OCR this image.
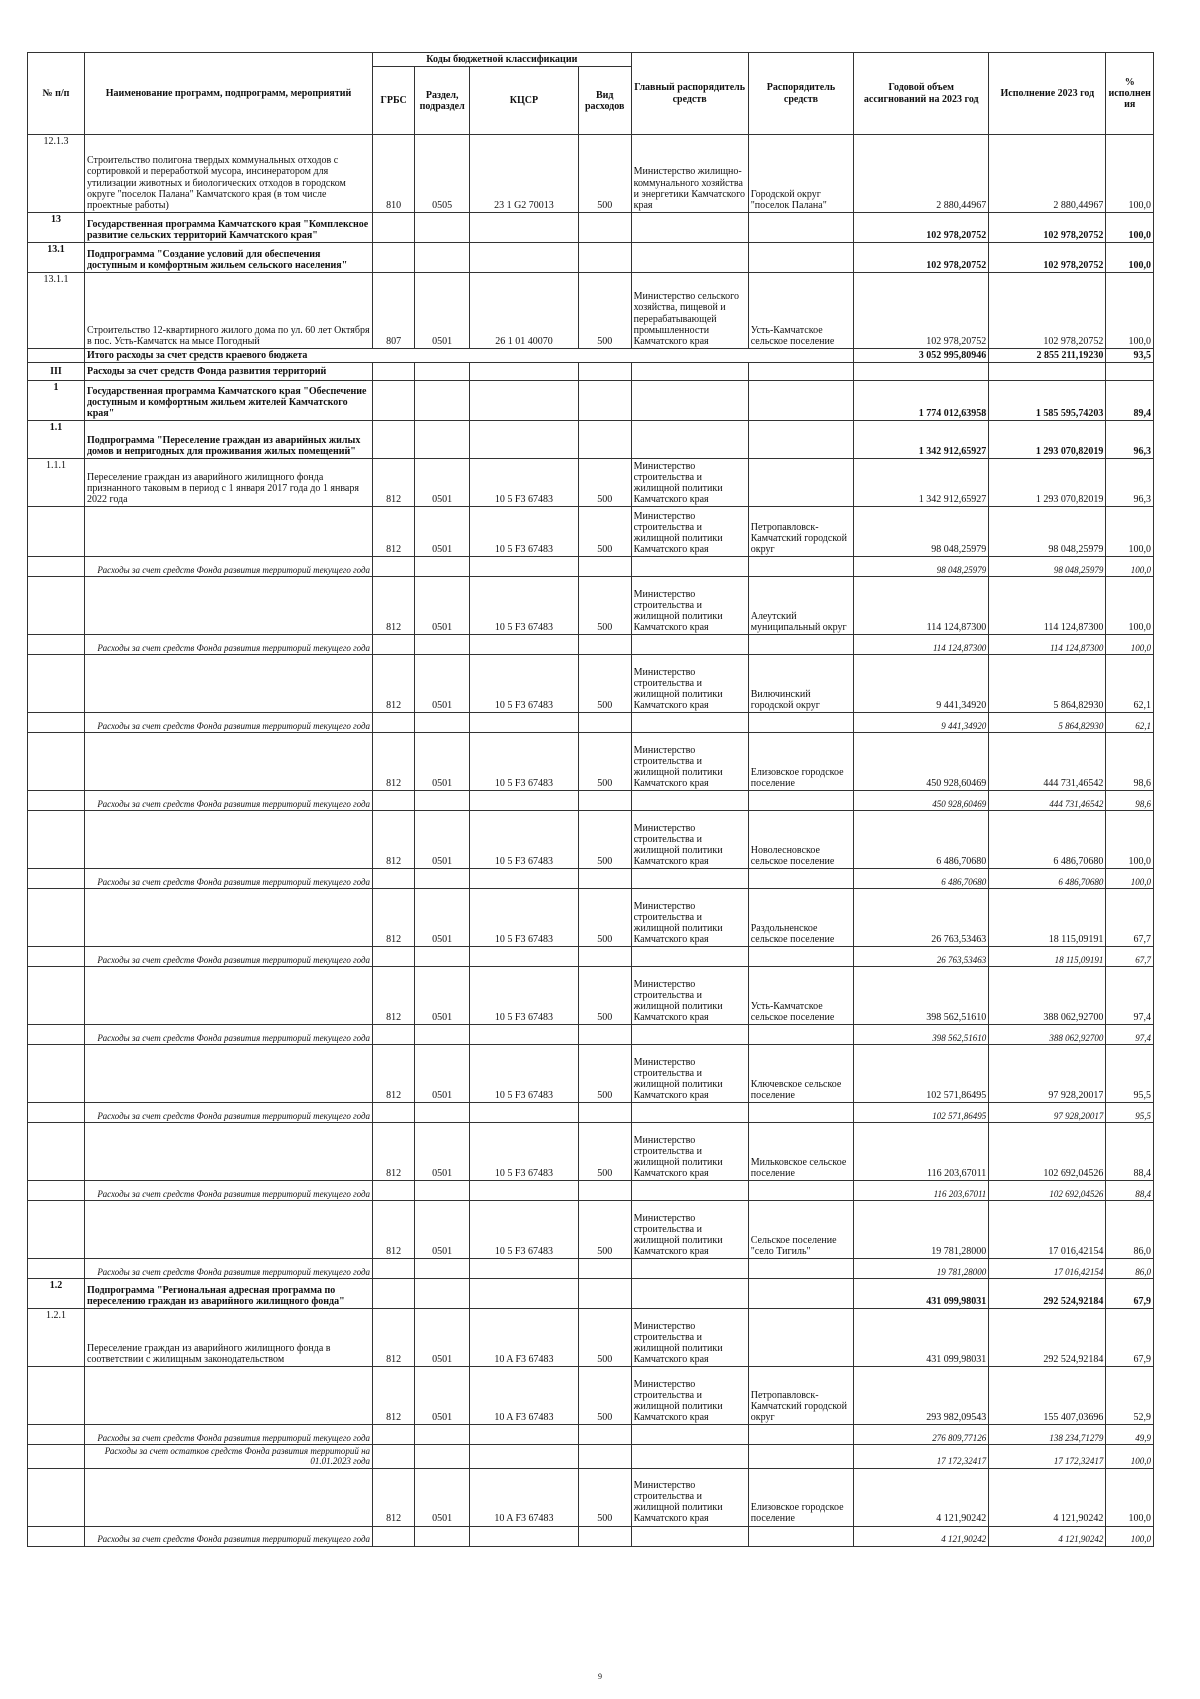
№ п/п	Наименование программ, подпрограмм, мероприятий	Коды бюджетной классификации				Главный распорядитель средств	Распорядитель средств	Годовой объем ассигнований на 2023 год	Исполнение 2023 год	% исполнения
		ГРБС	Раздел, подраздел	КЦСР	Вид расходов					
12.1.3	Строительство полигона твердых коммунальных отходов с сортировкой и переработкой мусора, инсинератором для утилизации животных и биологических отходов в городском округе "поселок Палана" Камчатского края (в том числе проектные работы)	810	0505	23 1 G2 70013	500	Министерство жилищно-коммунального хозяйства и энергетики Камчатского края	Городской округ "поселок Палана"	2 880,44967	2 880,44967	100,0
13	Государственная программа Камчатского края "Комплексное развитие сельских территорий Камчатского края"							102 978,20752	102 978,20752	100,0
13.1	Подпрограмма "Создание условий для обеспечения доступным и комфортным жильем сельского населения"							102 978,20752	102 978,20752	100,0
13.1.1	Строительство 12-квартирного жилого дома по ул. 60 лет Октября в пос. Усть-Камчатск на мысе Погодный	807	0501	26 1 01 40070	500	Министерство сельского хозяйства, пищевой и перерабатывающей промышленности Камчатского края	Усть-Камчатское сельское поселение	102 978,20752	102 978,20752	100,0
	Итого расходы за счет средств краевого бюджета							3 052 995,80946	2 855 211,19230	93,5
III	Расходы за счет средств Фонда развития территорий									
1	Государственная программа Камчатского края "Обеспечение доступным и комфортным жильем жителей Камчатского края"							1 774 012,63958	1 585 595,74203	89,4
1.1	Подпрограмма "Переселение граждан из аварийных жилых домов и непригодных для проживания жилых помещений"							1 342 912,65927	1 293 070,82019	96,3
1.1.1	Переселение граждан из аварийного жилищного фонда признанного таковым в период с 1 января 2017 года до 1 января 2022 года	812	0501	10 5 F3 67483	500	Министерство строительства и жилищной политики Камчатского края		1 342 912,65927	1 293 070,82019	96,3
		812	0501	10 5 F3 67483	500	Министерство строительства и жилищной политики Камчатского края	Петропавловск-Камчатский городской округ	98 048,25979	98 048,25979	100,0
	Расходы за счет средств Фонда развития территорий текущего года							98 048,25979	98 048,25979	100,0
		812	0501	10 5 F3 67483	500	Министерство строительства и жилищной политики Камчатского края	Алеутский муниципальный округ	114 124,87300	114 124,87300	100,0
	Расходы за счет средств Фонда развития территорий текущего года							114 124,87300	114 124,87300	100,0
		812	0501	10 5 F3 67483	500	Министерство строительства и жилищной политики Камчатского края	Вилючинский городской округ	9 441,34920	5 864,82930	62,1
	Расходы за счет средств Фонда развития территорий текущего года							9 441,34920	5 864,82930	62,1
		812	0501	10 5 F3 67483	500	Министерство строительства и жилищной политики Камчатского края	Елизовское городское поселение	450 928,60469	444 731,46542	98,6
	Расходы за счет средств Фонда развития территорий текущего года							450 928,60469	444 731,46542	98,6
		812	0501	10 5 F3 67483	500	Министерство строительства и жилищной политики Камчатского края	Новолесновское сельское поселение	6 486,70680	6 486,70680	100,0
	Расходы за счет средств Фонда развития территорий текущего года							6 486,70680	6 486,70680	100,0
		812	0501	10 5 F3 67483	500	Министерство строительства и жилищной политики Камчатского края	Раздольненское сельское поселение	26 763,53463	18 115,09191	67,7
	Расходы за счет средств Фонда развития территорий текущего года							26 763,53463	18 115,09191	67,7
		812	0501	10 5 F3 67483	500	Министерство строительства и жилищной политики Камчатского края	Усть-Камчатское сельское поселение	398 562,51610	388 062,92700	97,4
	Расходы за счет средств Фонда развития территорий текущего года							398 562,51610	388 062,92700	97,4
		812	0501	10 5 F3 67483	500	Министерство строительства и жилищной политики Камчатского края	Ключевское сельское поселение	102 571,86495	97 928,20017	95,5
	Расходы за счет средств Фонда развития территорий текущего года							102 571,86495	97 928,20017	95,5
		812	0501	10 5 F3 67483	500	Министерство строительства и жилищной политики Камчатского края	Мильковское сельское поселение	116 203,67011	102 692,04526	88,4
	Расходы за счет средств Фонда развития территорий текущего года							116 203,67011	102 692,04526	88,4
		812	0501	10 5 F3 67483	500	Министерство строительства и жилищной политики Камчатского края	Сельское поселение "село Тигиль"	19 781,28000	17 016,42154	86,0
	Расходы за счет средств Фонда развития территорий текущего года							19 781,28000	17 016,42154	86,0
1.2	Подпрограмма "Региональная адресная программа по переселению граждан из аварийного жилищного фонда"							431 099,98031	292 524,92184	67,9
1.2.1	Переселение граждан из аварийного жилищного фонда в соответствии с жилищным законодательством	812	0501	10 A F3 67483	500	Министерство строительства и жилищной политики Камчатского края		431 099,98031	292 524,92184	67,9
		812	0501	10 A F3 67483	500	Министерство строительства и жилищной политики Камчатского края	Петропавловск-Камчатский городской округ	293 982,09543	155 407,03696	52,9
	Расходы за счет средств Фонда развития территорий текущего года							276 809,77126	138 234,71279	49,9
	Расходы за счет остатков средств Фонда развития территорий на 01.01.2023 года							17 172,32417	17 172,32417	100,0
		812	0501	10 A F3 67483	500	Министерство строительства и жилищной политики Камчатского края	Елизовское городское поселение	4 121,90242	4 121,90242	100,0
	Расходы за счет средств Фонда развития территорий текущего года							4 121,90242	4 121,90242	100,0
9
